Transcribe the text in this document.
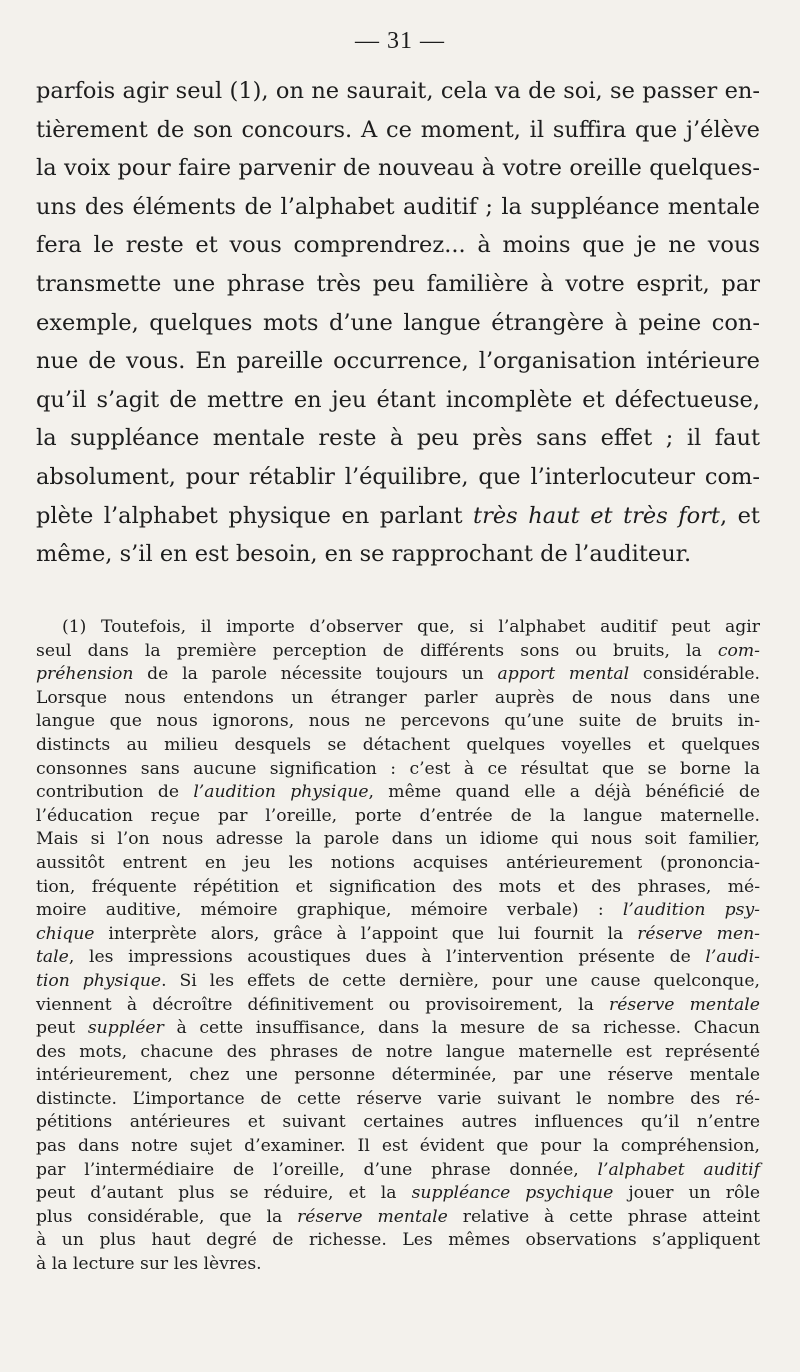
— 31 —
parfois agir seul (1), on ne saurait, cela va de soi, se passer en-
tièrement de son concours. A ce moment, il suffira que j’élève
la voix pour faire parvenir de nouveau à votre oreille quelques-
uns des éléments de l’alphabet auditif ; la suppléance mentale
fera le reste et vous comprendrez... à moins que je ne vous
transmette une phrase très peu familière à votre esprit, par
exemple, quelques mots d’une langue étrangère à peine con-
nue de vous. En pareille occurrence, l’organisation intérieure
qu’il s’agit de mettre en jeu étant incomplète et défectueuse,
la suppléance mentale reste à peu près sans effet ; il faut
absolument, pour rétablir l’équilibre, que l’interlocuteur com-
plète l’alphabet physique en parlant très haut et très fort, et
même, s’il en est besoin, en se rapprochant de l’auditeur.
(1) Toutefois, il importe d’observer que, si l’alphabet auditif peut agir
seul dans la première perception de différents sons ou bruits, la com-
préhension de la parole nécessite toujours un apport mental considérable.
Lorsque nous entendons un étranger parler auprès de nous dans une
langue que nous ignorons, nous ne percevons qu’une suite de bruits in-
distincts au milieu desquels se détachent quelques voyelles et quelques
consonnes sans aucune signification : c’est à ce résultat que se borne la
contribution de l’audition physique, même quand elle a déjà bénéficié de
l’éducation reçue par l’oreille, porte d’entrée de la langue maternelle.
Mais si l’on nous adresse la parole dans un idiome qui nous soit familier,
aussitôt entrent en jeu les notions acquises antérieurement (prononcia-
tion, fréquente répétition et signification des mots et des phrases, mé-
moire auditive, mémoire graphique, mémoire verbale) : l’audition psy-
chique interprète alors, grâce à l’appoint que lui fournit la réserve men-
tale, les impressions acoustiques dues à l’intervention présente de l’audi-
tion physique. Si les effets de cette dernière, pour une cause quelconque,
viennent à décroître définitivement ou provisoirement, la réserve mentale
peut suppléer à cette insuffisance, dans la mesure de sa richesse. Chacun
des mots, chacune des phrases de notre langue maternelle est représenté
intérieurement, chez une personne déterminée, par une réserve mentale
distincte. L’importance de cette réserve varie suivant le nombre des ré-
pétitions antérieures et suivant certaines autres influences qu’il n’entre
pas dans notre sujet d’examiner. Il est évident que pour la compréhension,
par l’intermédiaire de l’oreille, d’une phrase donnée, l’alphabet auditif
peut d’autant plus se réduire, et la suppléance psychique jouer un rôle
plus considérable, que la réserve mentale relative à cette phrase atteint
à un plus haut degré de richesse. Les mêmes observations s’appliquent
à la lecture sur les lèvres.
